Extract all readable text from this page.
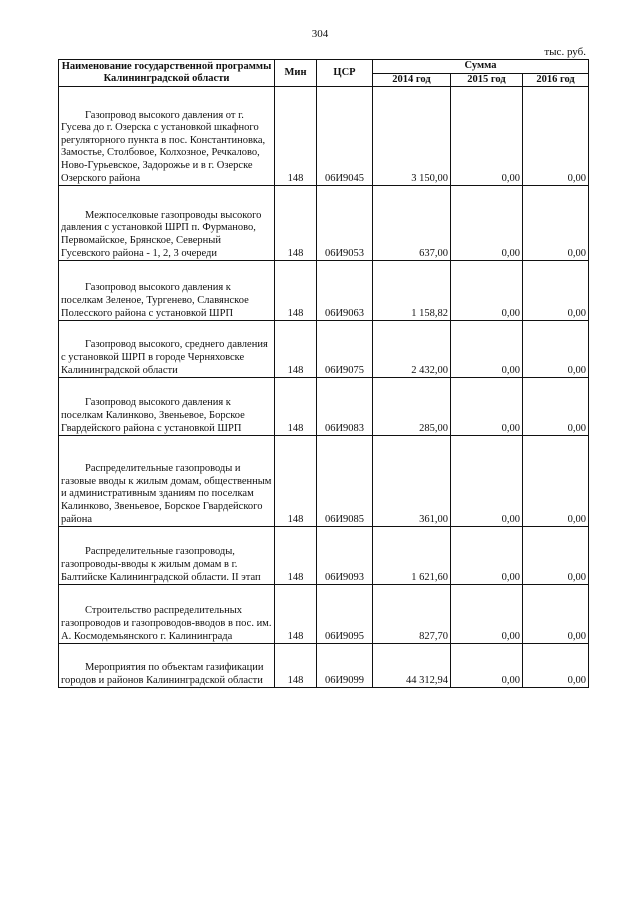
304
тыс. руб.
Наименование государственной программы Калининградской области	Мин	ЦСР	Сумма		
			2014 год	2015 год	2016 год

Газопровод высокого давления от г. Гусева до г. Озерска с установкой шкафного регуляторного пункта в пос. Константиновка, Замостье, Столбовое, Колхозное, Речкалово, Ново-Гурьевское, Задорожье и в г. Озерске Озерского района	148	06И9045	3 150,00	0,00	0,00

Межпоселковые газопроводы высокого давления с установкой ШРП п. Фурманово, Первомайское, Брянское, Северный Гусевского района - 1, 2, 3 очереди	148	06И9053	637,00	0,00	0,00

Газопровод высокого давления к поселкам Зеленое, Тургенево, Славянское Полесского района с установкой ШРП	148	06И9063	1 158,82	0,00	0,00

Газопровод высокого, среднего давления с установкой ШРП в городе Черняховске Калининградской области	148	06И9075	2 432,00	0,00	0,00

Газопровод высокого давления к поселкам Калинково, Звеньевое, Борское Гвардейского района с установкой ШРП	148	06И9083	285,00	0,00	0,00

Распределительные газопроводы и газовые вводы к жилым домам, общественным и административным зданиям по поселкам Калинково, Звеньевое, Борское Гвардейского района	148	06И9085	361,00	0,00	0,00

Распределительные газопроводы, газопроводы-вводы к жилым домам в г. Балтийске Калининградской области. II этап	148	06И9093	1 621,60	0,00	0,00

Строительство распределительных газопроводов и газопроводов-вводов в пос. им. А. Космодемьянского г. Калининграда	148	06И9095	827,70	0,00	0,00

Мероприятия по объектам газификации городов и районов Калининградской области	148	06И9099	44 312,94	0,00	0,00
